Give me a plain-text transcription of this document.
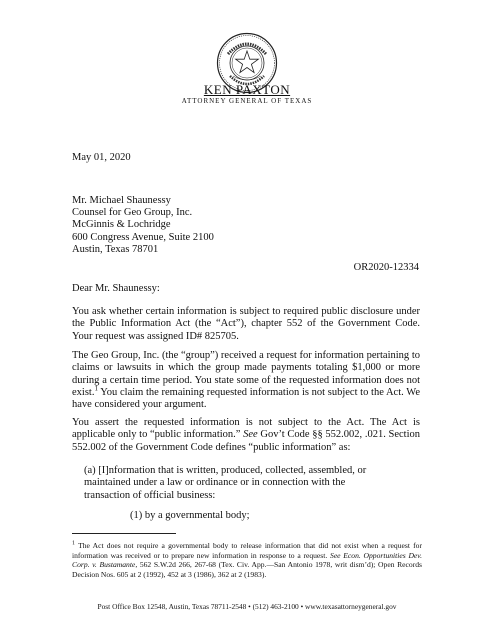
KEN PAXTON
ATTORNEY GENERAL OF TEXAS
May 01, 2020
Mr. Michael Shaunessy
Counsel for Geo Group, Inc.
McGinnis & Lochridge
600 Congress Avenue, Suite 2100
Austin, Texas 78701
OR2020-12334
Dear Mr. Shaunessy:
You ask whether certain information is subject to required public disclosure under the Public Information Act (the “Act”), chapter 552 of the Government Code. Your request was assigned ID# 825705.
The Geo Group, Inc. (the “group”) received a request for information pertaining to claims or lawsuits in which the group made payments totaling $1,000 or more during a certain time period. You state some of the requested information does not exist.$^1$ You claim the remaining requested information is not subject to the Act. We have considered your argument.
You assert the requested information is not subject to the Act. The Act is applicable only to “public information.” See Gov’t Code §§ 552.002, .021. Section 552.002 of the Government Code defines “public information” as:
(a) [I]nformation that is written, produced, collected, assembled, or maintained under a law or ordinance or in connection with the transaction of official business:
(1) by a governmental body;
$^1$ The Act does not require a governmental body to release information that did not exist when a request for information was received or to prepare new information in response to a request. See Econ. Opportunities Dev. Corp. v. Bustamante, 562 S.W.2d 266, 267-68 (Tex. Civ. App.—San Antonio 1978, writ dism’d); Open Records Decision Nos. 605 at 2 (1992), 452 at 3 (1986), 362 at 2 (1983).
Post Office Box 12548, Austin, Texas 78711-2548 • (512) 463-2100 • www.texasattorneygeneral.gov
